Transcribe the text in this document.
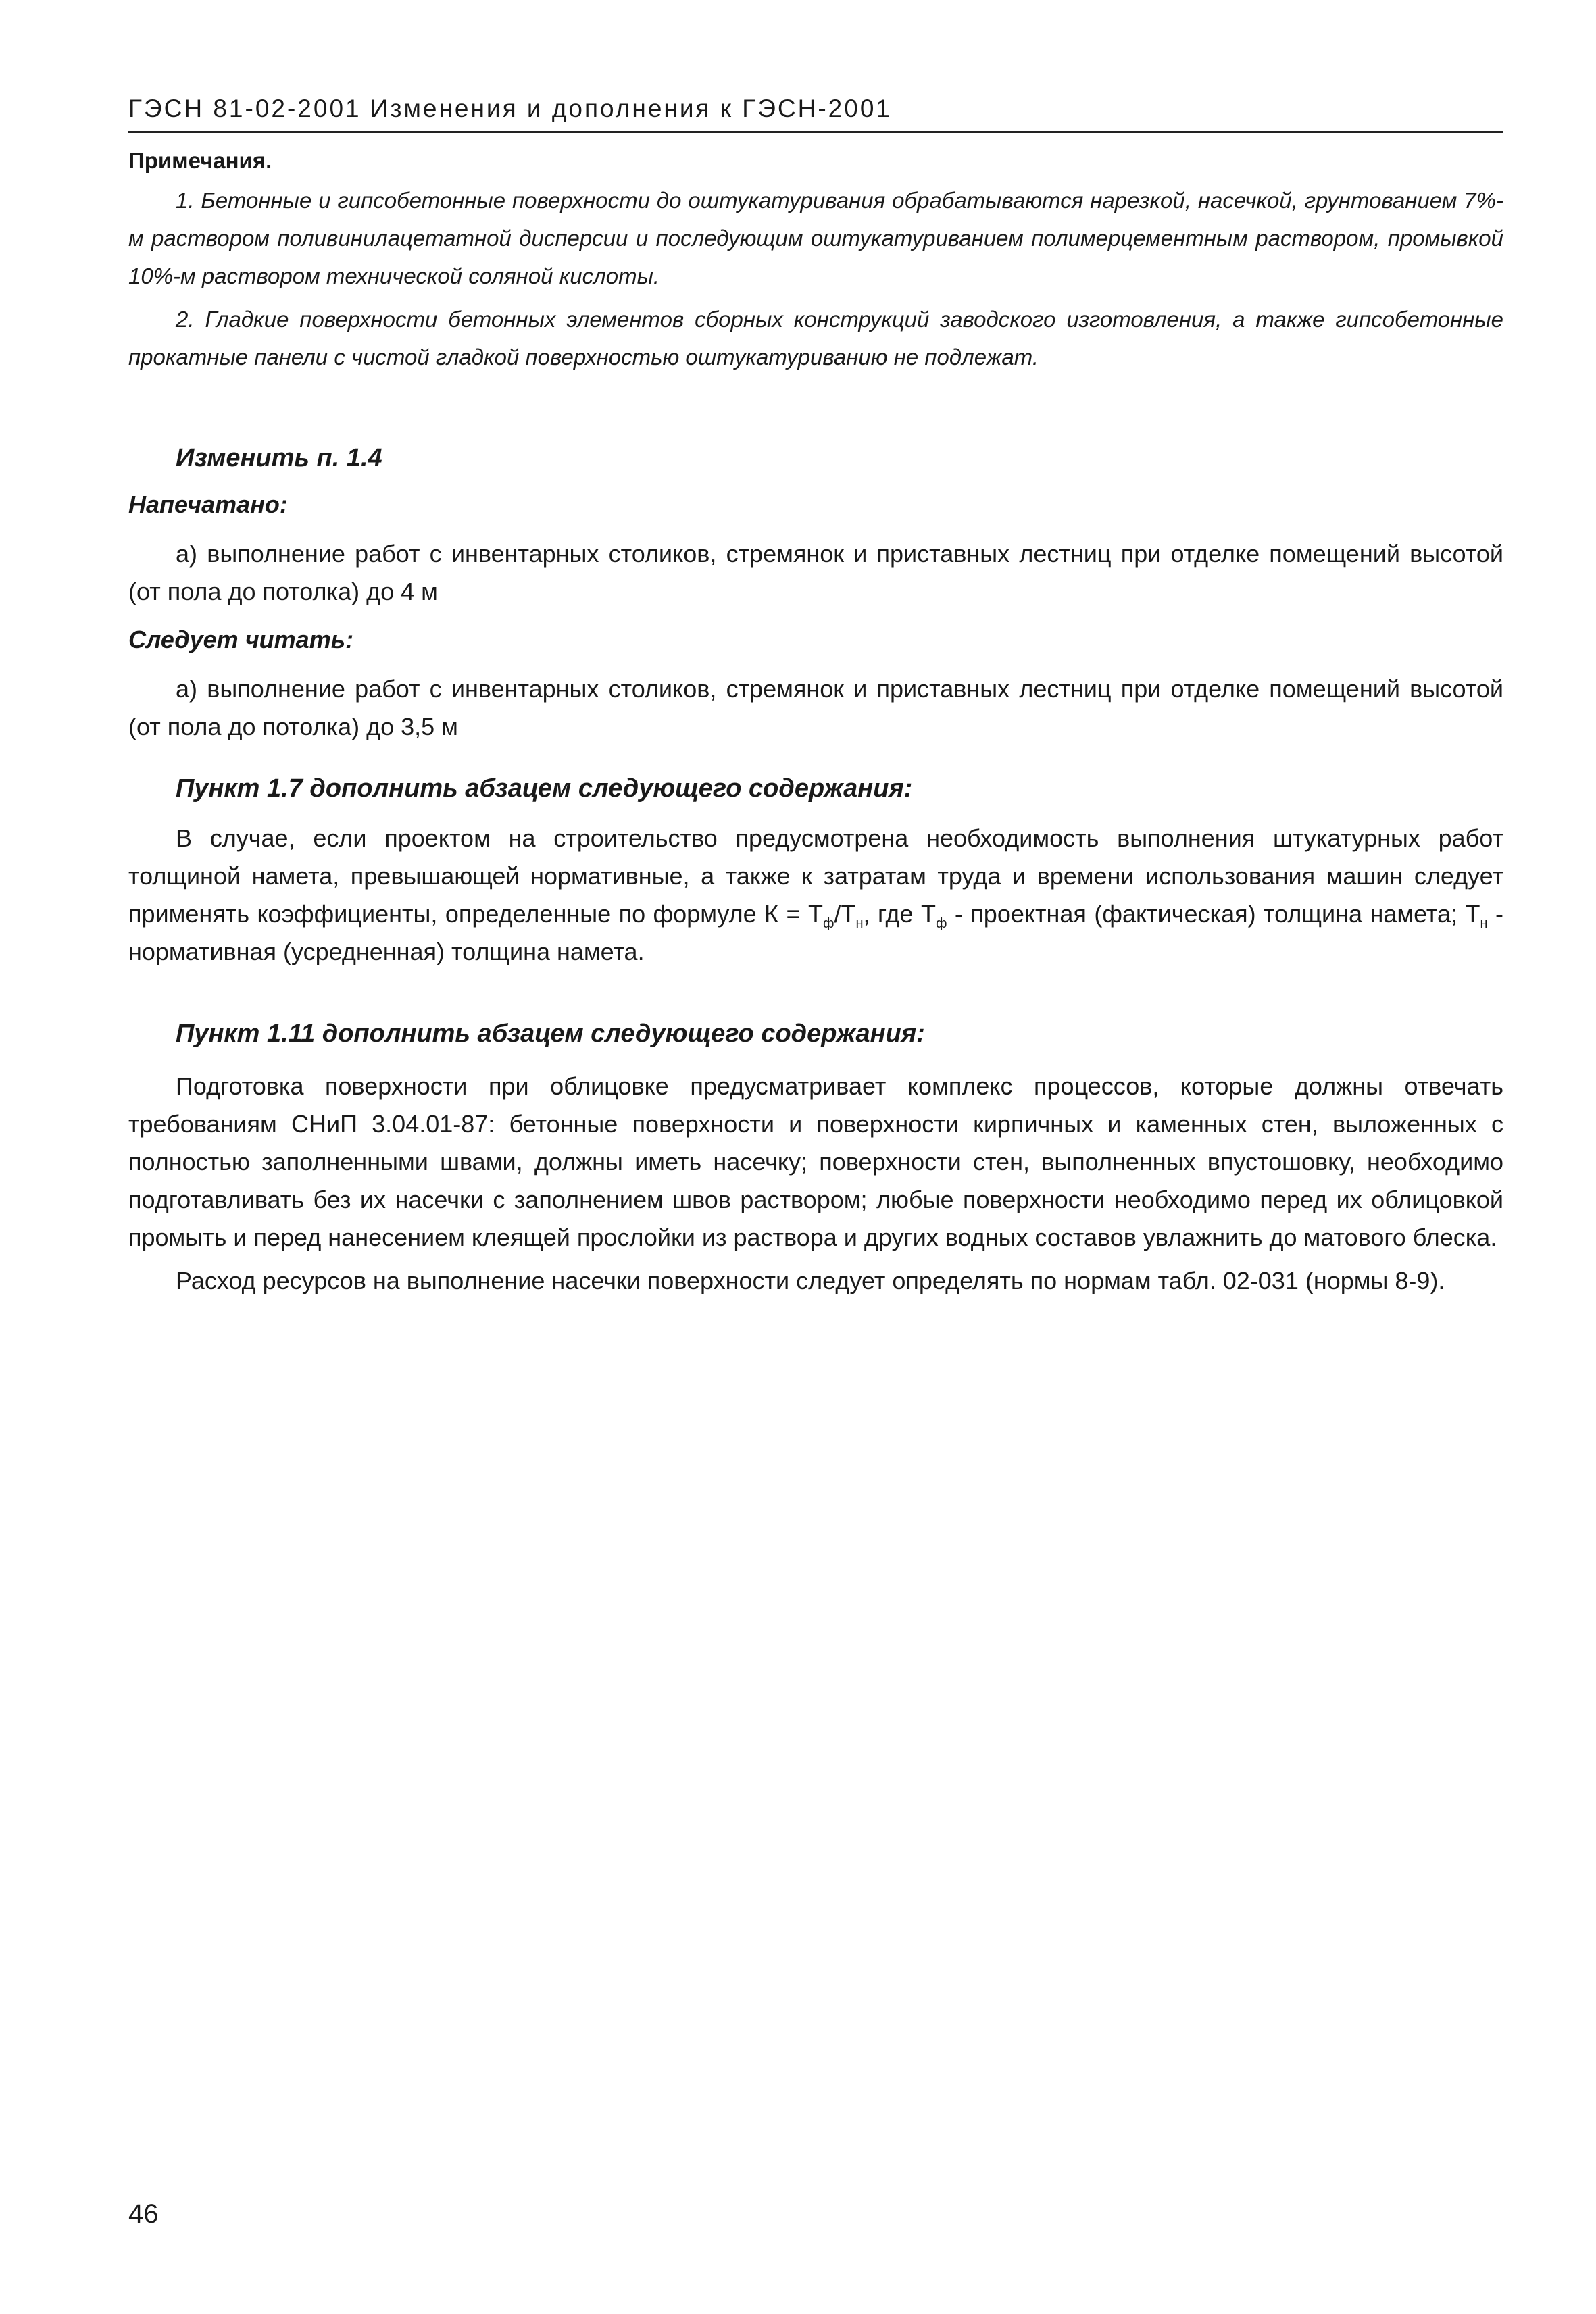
ГЭСН 81-02-2001 Изменения и дополнения к ГЭСН-2001
Примечания.

1. Бетонные и гипсобетонные поверхности до оштукатуривания обрабатываются нарезкой, насечкой, грунтованием 7%-м раствором поливинилацетатной дисперсии и последующим оштукатуриванием полимерцементным раствором, промывкой 10%-м раствором технической соляной кислоты.

2. Гладкие поверхности бетонных элементов сборных конструкций заводского изготовления, а также гипсобетонные прокатные панели с чистой гладкой поверхностью оштукатуриванию не подлежат.

Изменить п. 1.4

Напечатано:

а) выполнение работ с инвентарных столиков, стремянок и приставных лестниц при отделке помещений высотой (от пола до потолка) до 4 м

Следует читать:

а) выполнение работ с инвентарных столиков, стремянок и приставных лестниц при отделке помещений высотой (от пола до потолка) до 3,5 м

Пункт 1.7 дополнить абзацем следующего содержания:

В случае, если проектом на строительство предусмотрена необходимость выполнения штукатурных работ толщиной намета, превышающей нормативные, а также к затратам труда и времени использования машин следует применять коэффициенты, определенные по формуле $К = Т_ф/Т_н$, где $Т_ф$ - проектная (фактическая) толщина намета; $Т_н$ - нормативная (усредненная) толщина намета.

Пункт 1.11 дополнить абзацем следующего содержания:

Подготовка поверхности при облицовке предусматривает комплекс процессов, которые должны отвечать требованиям СНиП 3.04.01-87: бетонные поверхности и поверхности кирпичных и каменных стен, выложенных с полностью заполненными швами, должны иметь насечку; поверхности стен, выполненных впустошовку, необходимо подготавливать без их насечки с заполнением швов раствором; любые поверхности необходимо перед их облицовкой промыть и перед нанесением клеящей прослойки из раствора и других водных составов увлажнить до матового блеска.

Расход ресурсов на выполнение насечки поверхности следует определять по нормам табл. 02-031 (нормы 8-9).

46
